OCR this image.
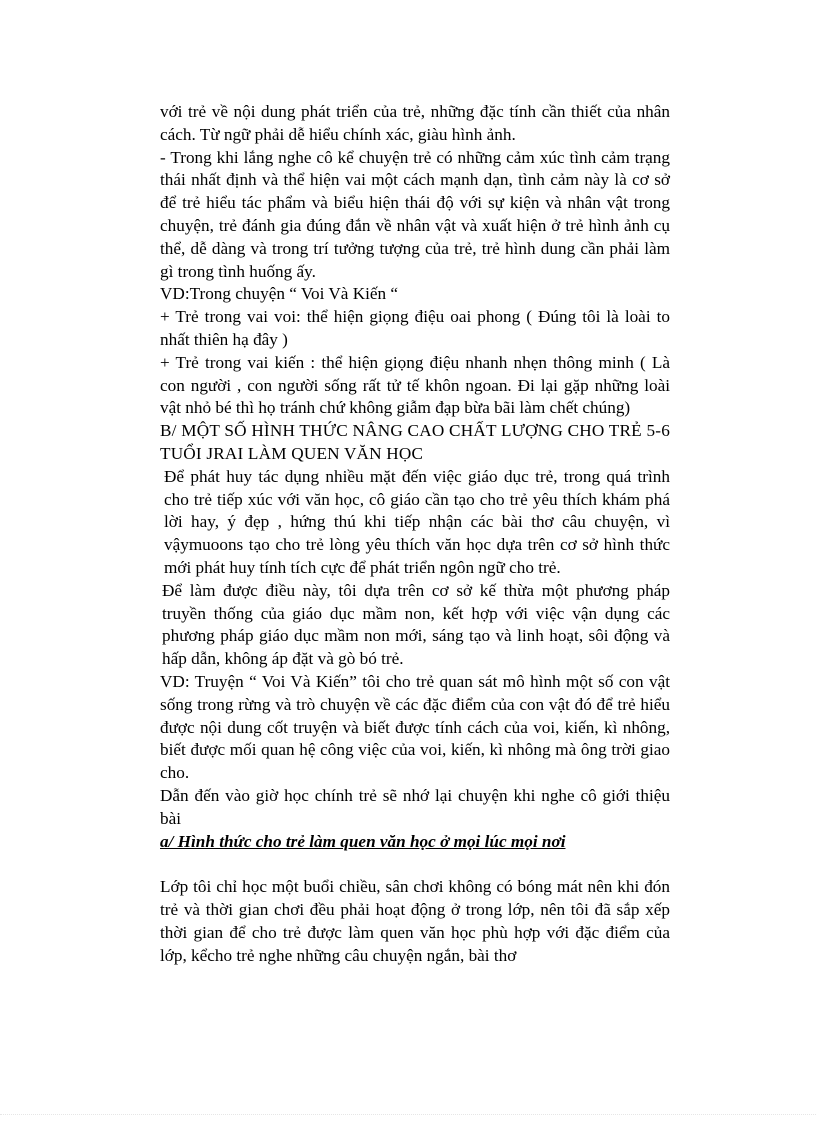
với trẻ về nội dung phát triển của trẻ, những đặc tính cần thiết của nhân cách. Từ ngữ phải dễ hiểu chính xác, giàu hình ảnh.

- Trong khi lắng nghe cô kể chuyện trẻ có những cảm xúc tình cảm trạng thái nhất định và thể hiện vai một cách mạnh dạn, tình cảm này là cơ sở để trẻ hiểu tác phẩm và biểu hiện thái độ với sự kiện và nhân vật trong chuyện, trẻ đánh gia đúng đắn về nhân vật và xuất hiện ở trẻ hình ảnh cụ thể, dễ dàng và trong trí tưởng tượng của trẻ, trẻ hình dung cần phải làm gì trong tình huống ấy.

VD:Trong chuyện “ Voi Và Kiến “

+ Trẻ trong vai voi: thể hiện giọng điệu oai phong ( Đúng tôi là loài to nhất thiên hạ đây )

+ Trẻ trong vai kiến : thể hiện giọng điệu nhanh nhẹn thông minh ( Là con người , con người sống rất tử tế khôn ngoan. Đi lại gặp những loài vật nhỏ bé thì họ tránh chứ không giẫm đạp bừa bãi làm chết chúng)

B/ MỘT SỐ HÌNH THỨC NÂNG CAO CHẤT LƯỢNG CHO TRẺ 5-6 TUỔI JRAI LÀM QUEN VĂN HỌC

Để phát huy tác dụng nhiều mặt đến việc giáo dục trẻ, trong quá trình cho trẻ tiếp xúc với văn học, cô giáo cần tạo cho trẻ yêu thích khám phá lời hay, ý đẹp , hứng thú khi tiếp nhận các bài thơ câu chuyện, vì vậymuoons tạo cho trẻ lòng yêu thích văn học dựa trên cơ sở hình thức mới phát huy tính tích cực để phát triển ngôn ngữ cho trẻ.

Để làm được điều này, tôi dựa trên cơ sở kế thừa một phương pháp truyền thống của giáo dục mầm non, kết hợp với việc vận dụng các phương pháp giáo dục mầm non mới, sáng tạo và linh hoạt, sôi động và hấp dẫn, không áp đặt và gò bó trẻ.

VD: Truyện “ Voi Và Kiến” tôi cho trẻ quan sát mô hình một số con vật sống trong rừng và trò chuyện về các đặc điểm của con vật đó để trẻ hiểu được nội dung cốt truyện và biết được tính cách của voi, kiến, kì nhông, biết được mối quan hệ công việc của voi, kiến, kì nhông mà ông trời giao cho.

Dẫn đến vào giờ học chính trẻ sẽ nhớ lại chuyện khi nghe cô giới thiệu bài

a/ Hình thức cho trẻ làm quen văn học ở mọi lúc mọi nơi

Lớp tôi chỉ học một buổi chiều, sân chơi không có bóng mát nên khi đón trẻ và thời gian chơi đều phải hoạt động ở trong lớp, nên tôi đã sắp xếp thời gian để cho trẻ được làm quen văn học phù hợp với đặc điểm của lớp, kểcho trẻ nghe những câu chuyện ngắn, bài thơ
